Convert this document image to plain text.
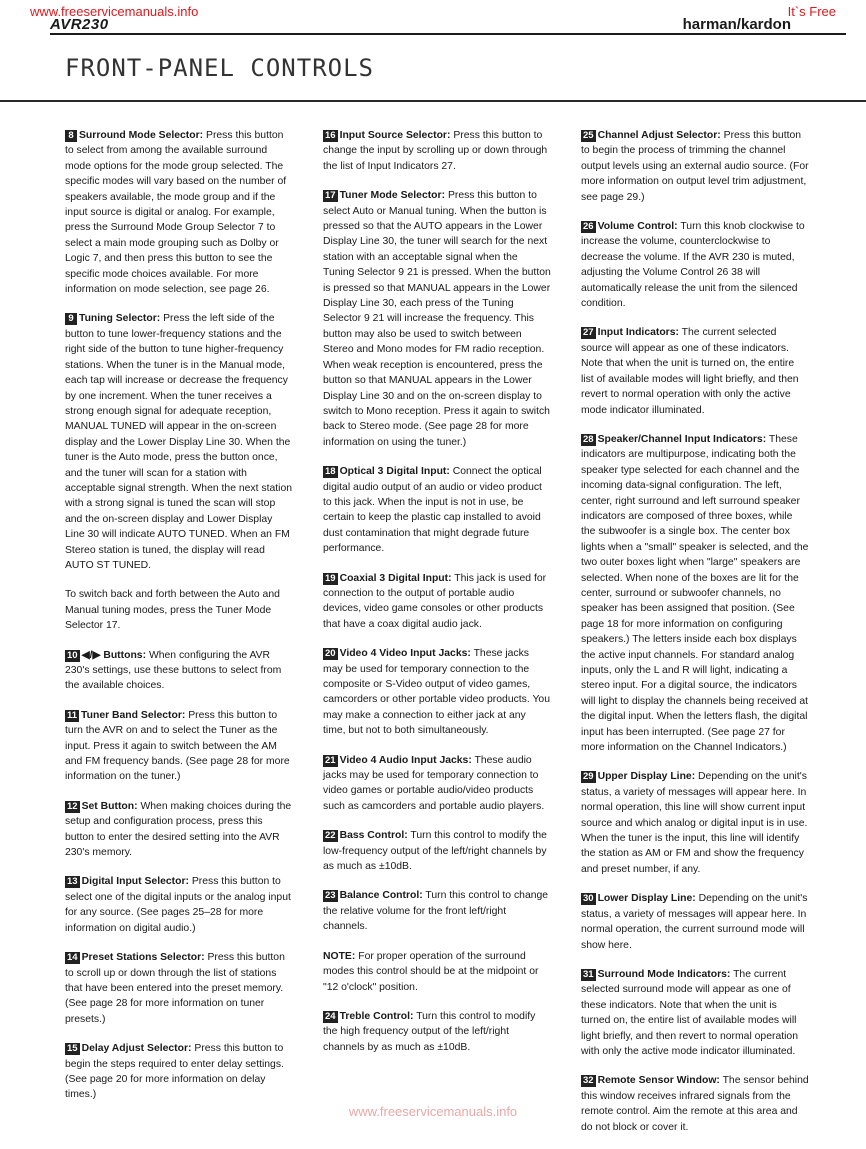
www.freeservicemanuals.info	It`s Free
AVR230	harman/kardon
FRONT-PANEL CONTROLS

8 Surround Mode Selector: Press this button to select from among the available surround mode options for the mode group selected. The specific modes will vary based on the number of speakers available, the mode group and if the input source is digital or analog. For example, press the Surround Mode Group Selector 7 to select a main mode grouping such as Dolby or Logic 7, and then press this button to see the specific mode choices available. For more information on mode selection, see page 26.

9 Tuning Selector: Press the left side of the button to tune lower-frequency stations and the right side of the button to tune higher-frequency stations. When the tuner is in the Manual mode, each tap will increase or decrease the frequency by one increment. When the tuner receives a strong enough signal for adequate reception, MANUAL TUNED will appear in the on-screen display and the Lower Display Line 30. When the tuner is the Auto mode, press the button once, and the tuner will scan for a station with acceptable signal strength. When the next station with a strong signal is tuned the scan will stop and the on-screen display and Lower Display Line 30 will indicate AUTO TUNED. When an FM Stereo station is tuned, the display will read AUTO ST TUNED.

To switch back and forth between the Auto and Manual tuning modes, press the Tuner Mode Selector 17.

10 ◀/▶ Buttons: When configuring the AVR 230's settings, use these buttons to select from the available choices.

11 Tuner Band Selector: Press this button to turn the AVR on and to select the Tuner as the input. Press it again to switch between the AM and FM frequency bands. (See page 28 for more information on the tuner.)

12 Set Button: When making choices during the setup and configuration process, press this button to enter the desired setting into the AVR 230's memory.

13 Digital Input Selector: Press this button to select one of the digital inputs or the analog input for any source. (See pages 25–28 for more information on digital audio.)

14 Preset Stations Selector: Press this button to scroll up or down through the list of stations that have been entered into the preset memory. (See page 28 for more information on tuner presets.)

15 Delay Adjust Selector: Press this button to begin the steps required to enter delay settings. (See page 20 for more information on delay times.)

16 Input Source Selector: Press this button to change the input by scrolling up or down through the list of Input Indicators 27.

17 Tuner Mode Selector: Press this button to select Auto or Manual tuning. When the button is pressed so that the AUTO appears in the Lower Display Line 30, the tuner will search for the next station with an acceptable signal when the Tuning Selector 9 21 is pressed. When the button is pressed so that MANUAL appears in the Lower Display Line 30, each press of the Tuning Selector 9 21 will increase the frequency. This button may also be used to switch between Stereo and Mono modes for FM radio reception. When weak reception is encountered, press the button so that MANUAL appears in the Lower Display Line 30 and on the on-screen display to switch to Mono reception. Press it again to switch back to Stereo mode. (See page 28 for more information on using the tuner.)

18 Optical 3 Digital Input: Connect the optical digital audio output of an audio or video product to this jack. When the input is not in use, be certain to keep the plastic cap installed to avoid dust contamination that might degrade future performance.

19 Coaxial 3 Digital Input: This jack is used for connection to the output of portable audio devices, video game consoles or other products that have a coax digital audio jack.

20 Video 4 Video Input Jacks: These jacks may be used for temporary connection to the composite or S-Video output of video games, camcorders or other portable video products. You may make a connection to either jack at any time, but not to both simultaneously.

21 Video 4 Audio Input Jacks: These audio jacks may be used for temporary connection to video games or portable audio/video products such as camcorders and portable audio players.

22 Bass Control: Turn this control to modify the low-frequency output of the left/right channels by as much as ±10dB.

23 Balance Control: Turn this control to change the relative volume for the front left/right channels.

NOTE: For proper operation of the surround modes this control should be at the midpoint or "12 o'clock" position.

24 Treble Control: Turn this control to modify the high frequency output of the left/right channels by as much as ±10dB.

25 Channel Adjust Selector: Press this button to begin the process of trimming the channel output levels using an external audio source. (For more information on output level trim adjustment, see page 29.)

26 Volume Control: Turn this knob clockwise to increase the volume, counterclockwise to decrease the volume. If the AVR 230 is muted, adjusting the Volume Control 26 38 will automatically release the unit from the silenced condition.

27 Input Indicators: The current selected source will appear as one of these indicators. Note that when the unit is turned on, the entire list of available modes will light briefly, and then revert to normal operation with only the active mode indicator illuminated.

28 Speaker/Channel Input Indicators: These indicators are multipurpose, indicating both the speaker type selected for each channel and the incoming data-signal configuration. The left, center, right surround and left surround speaker indicators are composed of three boxes, while the subwoofer is a single box. The center box lights when a "small" speaker is selected, and the two outer boxes light when "large" speakers are selected. When none of the boxes are lit for the center, surround or subwoofer channels, no speaker has been assigned that position. (See page 18 for more information on configuring speakers.) The letters inside each box displays the active input channels. For standard analog inputs, only the L and R will light, indicating a stereo input. For a digital source, the indicators will light to display the channels being received at the digital input. When the letters flash, the digital input has been interrupted. (See page 27 for more information on the Channel Indicators.)

29 Upper Display Line: Depending on the unit's status, a variety of messages will appear here. In normal operation, this line will show current input source and which analog or digital input is in use. When the tuner is the input, this line will identify the station as AM or FM and show the frequency and preset number, if any.

30 Lower Display Line: Depending on the unit's status, a variety of messages will appear here. In normal operation, the current surround mode will show here.

31 Surround Mode Indicators: The current selected surround mode will appear as one of these indicators. Note that when the unit is turned on, the entire list of available modes will light briefly, and then revert to normal operation with only the active mode indicator illuminated.

32 Remote Sensor Window: The sensor behind this window receives infrared signals from the remote control. Aim the remote at this area and do not block or cover it.

www.freeservicemanuals.info
